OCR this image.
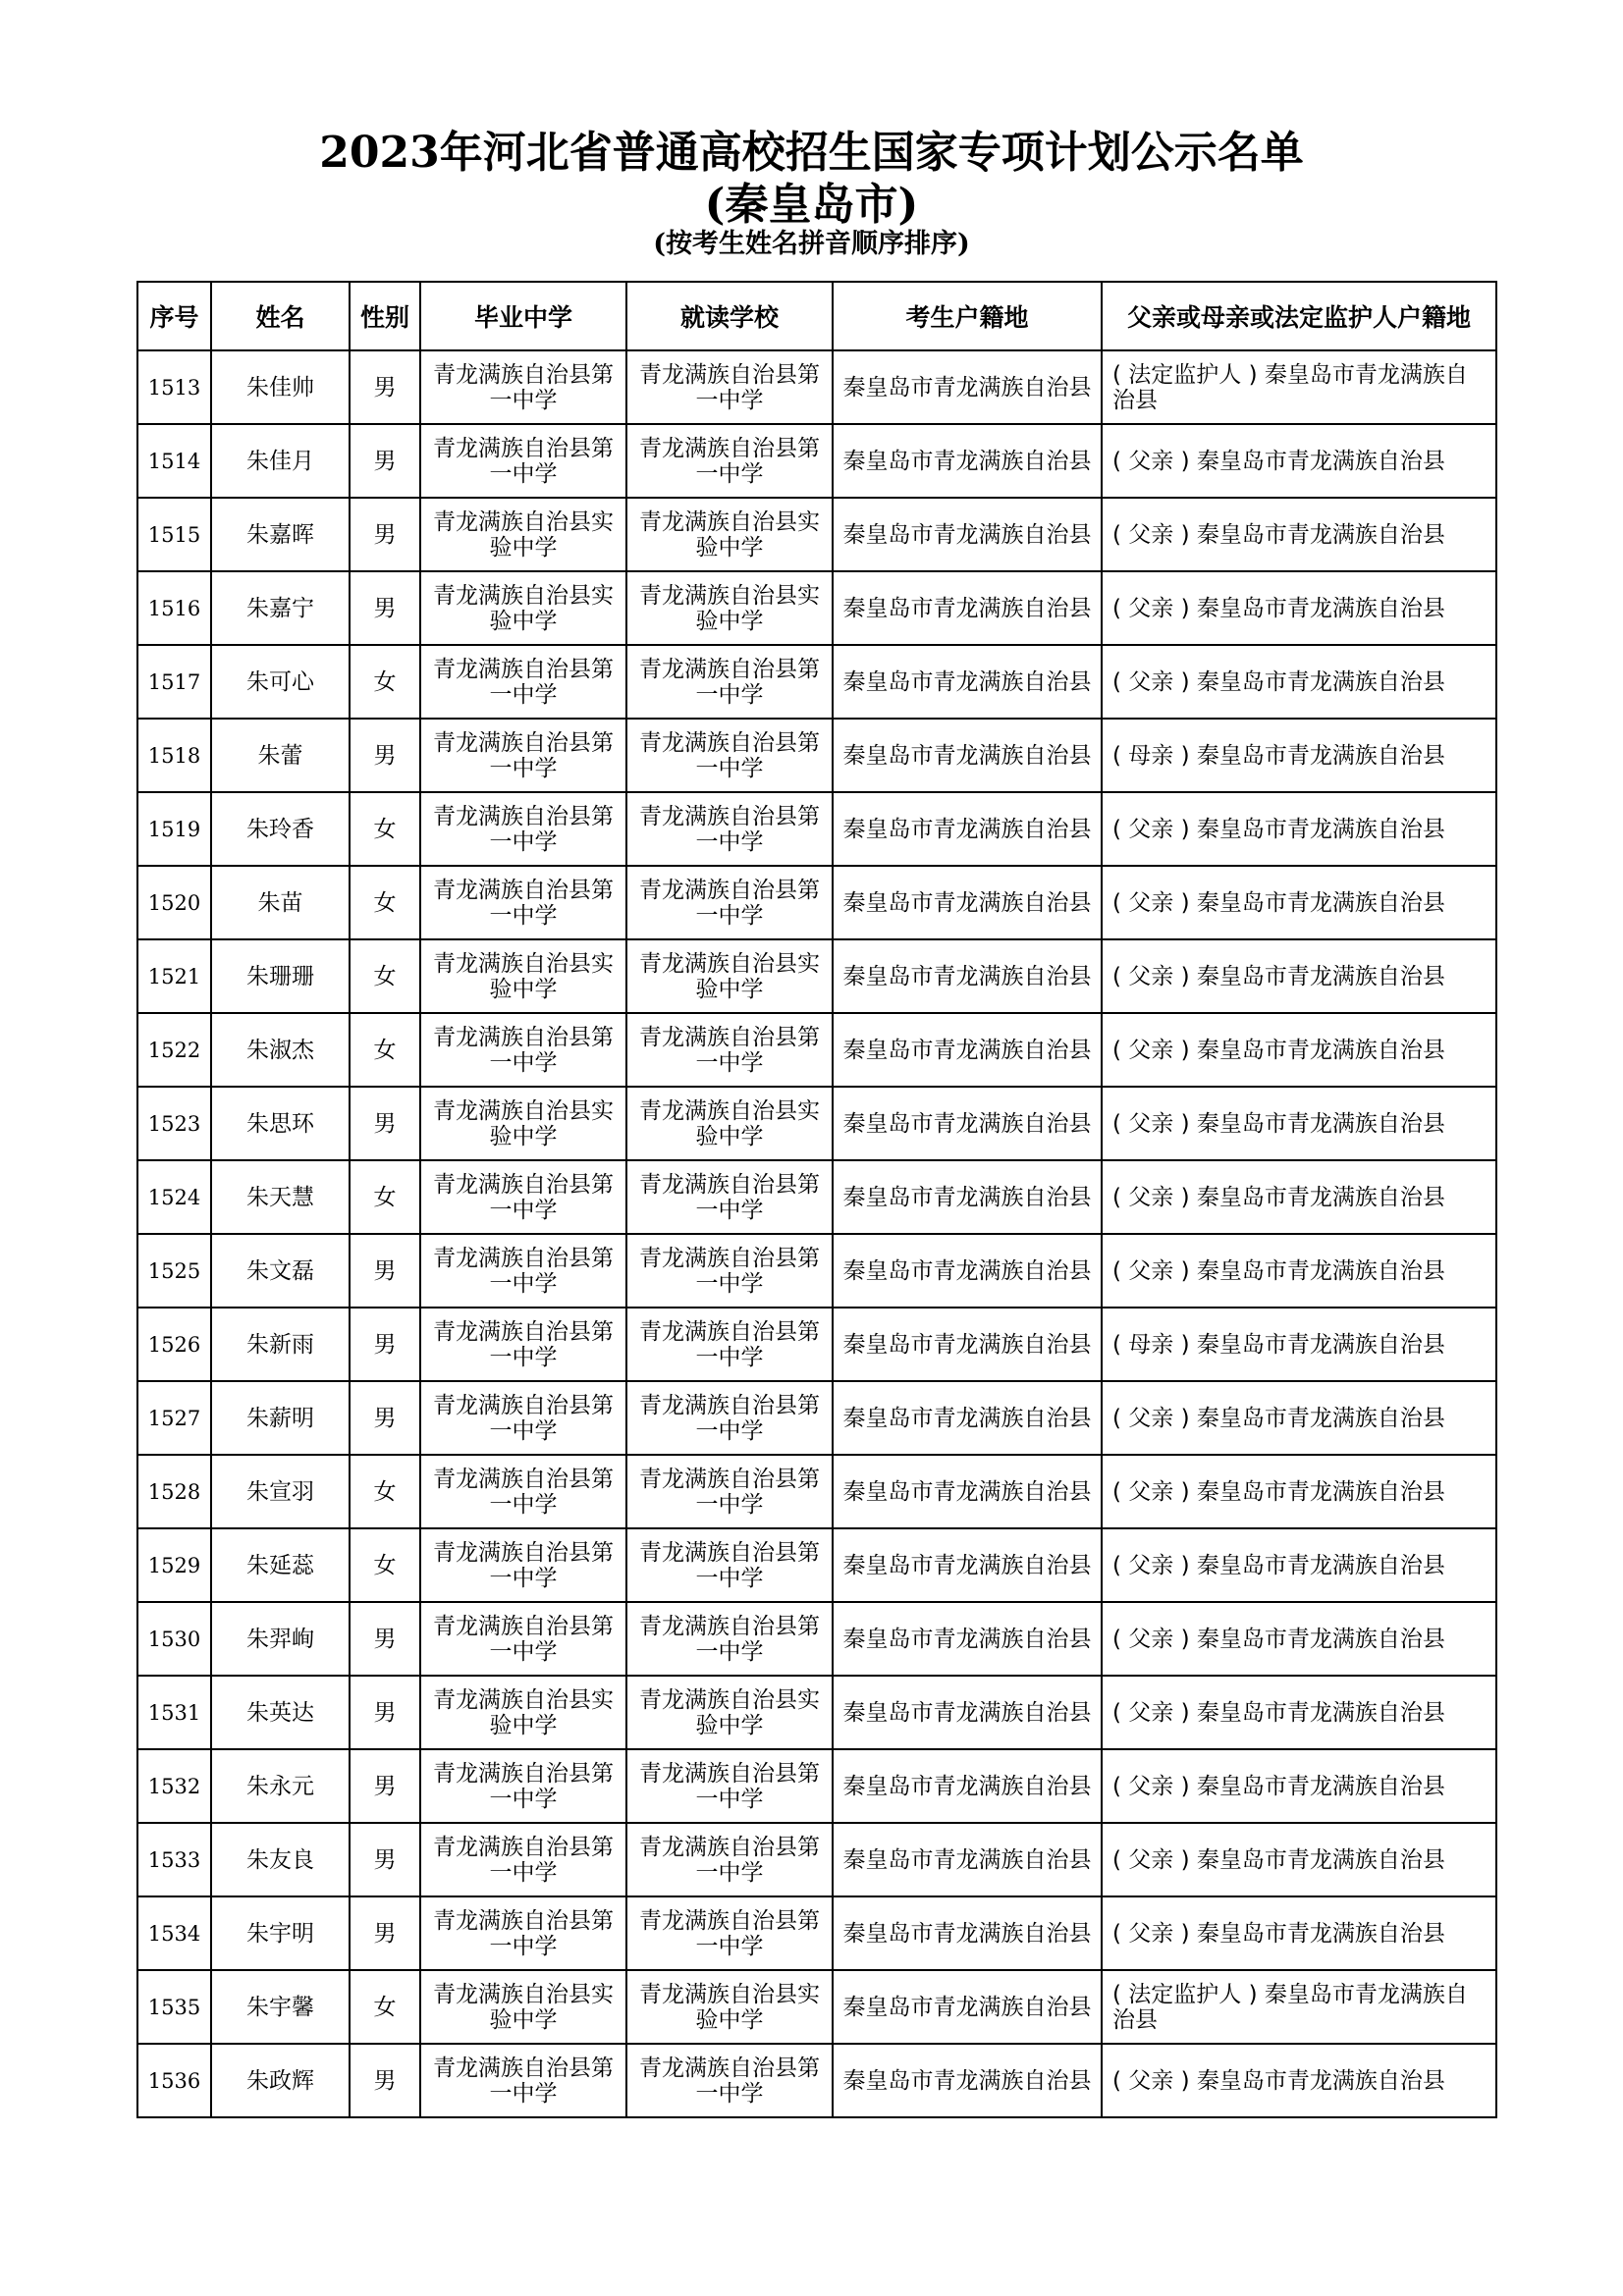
2023年河北省普通高校招生国家专项计划公示名单
(秦皇岛市)
(按考生姓名拼音顺序排序)
序号	姓名	性别	毕业中学	就读学校	考生户籍地	父亲或母亲或法定监护人户籍地
1513	朱佳帅	男	青龙满族自治县第一中学	青龙满族自治县第一中学	秦皇岛市青龙满族自治县	( 法定监护人 ) 秦皇岛市青龙满族自治县
1514	朱佳月	男	青龙满族自治县第一中学	青龙满族自治县第一中学	秦皇岛市青龙满族自治县	( 父亲 ) 秦皇岛市青龙满族自治县
1515	朱嘉晖	男	青龙满族自治县实验中学	青龙满族自治县实验中学	秦皇岛市青龙满族自治县	( 父亲 ) 秦皇岛市青龙满族自治县
1516	朱嘉宁	男	青龙满族自治县实验中学	青龙满族自治县实验中学	秦皇岛市青龙满族自治县	( 父亲 ) 秦皇岛市青龙满族自治县
1517	朱可心	女	青龙满族自治县第一中学	青龙满族自治县第一中学	秦皇岛市青龙满族自治县	( 父亲 ) 秦皇岛市青龙满族自治县
1518	朱蕾	男	青龙满族自治县第一中学	青龙满族自治县第一中学	秦皇岛市青龙满族自治县	( 母亲 ) 秦皇岛市青龙满族自治县
1519	朱玲香	女	青龙满族自治县第一中学	青龙满族自治县第一中学	秦皇岛市青龙满族自治县	( 父亲 ) 秦皇岛市青龙满族自治县
1520	朱苗	女	青龙满族自治县第一中学	青龙满族自治县第一中学	秦皇岛市青龙满族自治县	( 父亲 ) 秦皇岛市青龙满族自治县
1521	朱珊珊	女	青龙满族自治县实验中学	青龙满族自治县实验中学	秦皇岛市青龙满族自治县	( 父亲 ) 秦皇岛市青龙满族自治县
1522	朱淑杰	女	青龙满族自治县第一中学	青龙满族自治县第一中学	秦皇岛市青龙满族自治县	( 父亲 ) 秦皇岛市青龙满族自治县
1523	朱思环	男	青龙满族自治县实验中学	青龙满族自治县实验中学	秦皇岛市青龙满族自治县	( 父亲 ) 秦皇岛市青龙满族自治县
1524	朱天慧	女	青龙满族自治县第一中学	青龙满族自治县第一中学	秦皇岛市青龙满族自治县	( 父亲 ) 秦皇岛市青龙满族自治县
1525	朱文磊	男	青龙满族自治县第一中学	青龙满族自治县第一中学	秦皇岛市青龙满族自治县	( 父亲 ) 秦皇岛市青龙满族自治县
1526	朱新雨	男	青龙满族自治县第一中学	青龙满族自治县第一中学	秦皇岛市青龙满族自治县	( 母亲 ) 秦皇岛市青龙满族自治县
1527	朱薪明	男	青龙满族自治县第一中学	青龙满族自治县第一中学	秦皇岛市青龙满族自治县	( 父亲 ) 秦皇岛市青龙满族自治县
1528	朱宣羽	女	青龙满族自治县第一中学	青龙满族自治县第一中学	秦皇岛市青龙满族自治县	( 父亲 ) 秦皇岛市青龙满族自治县
1529	朱延蕊	女	青龙满族自治县第一中学	青龙满族自治县第一中学	秦皇岛市青龙满族自治县	( 父亲 ) 秦皇岛市青龙满族自治县
1530	朱羿峋	男	青龙满族自治县第一中学	青龙满族自治县第一中学	秦皇岛市青龙满族自治县	( 父亲 ) 秦皇岛市青龙满族自治县
1531	朱英达	男	青龙满族自治县实验中学	青龙满族自治县实验中学	秦皇岛市青龙满族自治县	( 父亲 ) 秦皇岛市青龙满族自治县
1532	朱永元	男	青龙满族自治县第一中学	青龙满族自治县第一中学	秦皇岛市青龙满族自治县	( 父亲 ) 秦皇岛市青龙满族自治县
1533	朱友良	男	青龙满族自治县第一中学	青龙满族自治县第一中学	秦皇岛市青龙满族自治县	( 父亲 ) 秦皇岛市青龙满族自治县
1534	朱宇明	男	青龙满族自治县第一中学	青龙满族自治县第一中学	秦皇岛市青龙满族自治县	( 父亲 ) 秦皇岛市青龙满族自治县
1535	朱宇馨	女	青龙满族自治县实验中学	青龙满族自治县实验中学	秦皇岛市青龙满族自治县	( 法定监护人 ) 秦皇岛市青龙满族自治县
1536	朱政辉	男	青龙满族自治县第一中学	青龙满族自治县第一中学	秦皇岛市青龙满族自治县	( 父亲 ) 秦皇岛市青龙满族自治县
